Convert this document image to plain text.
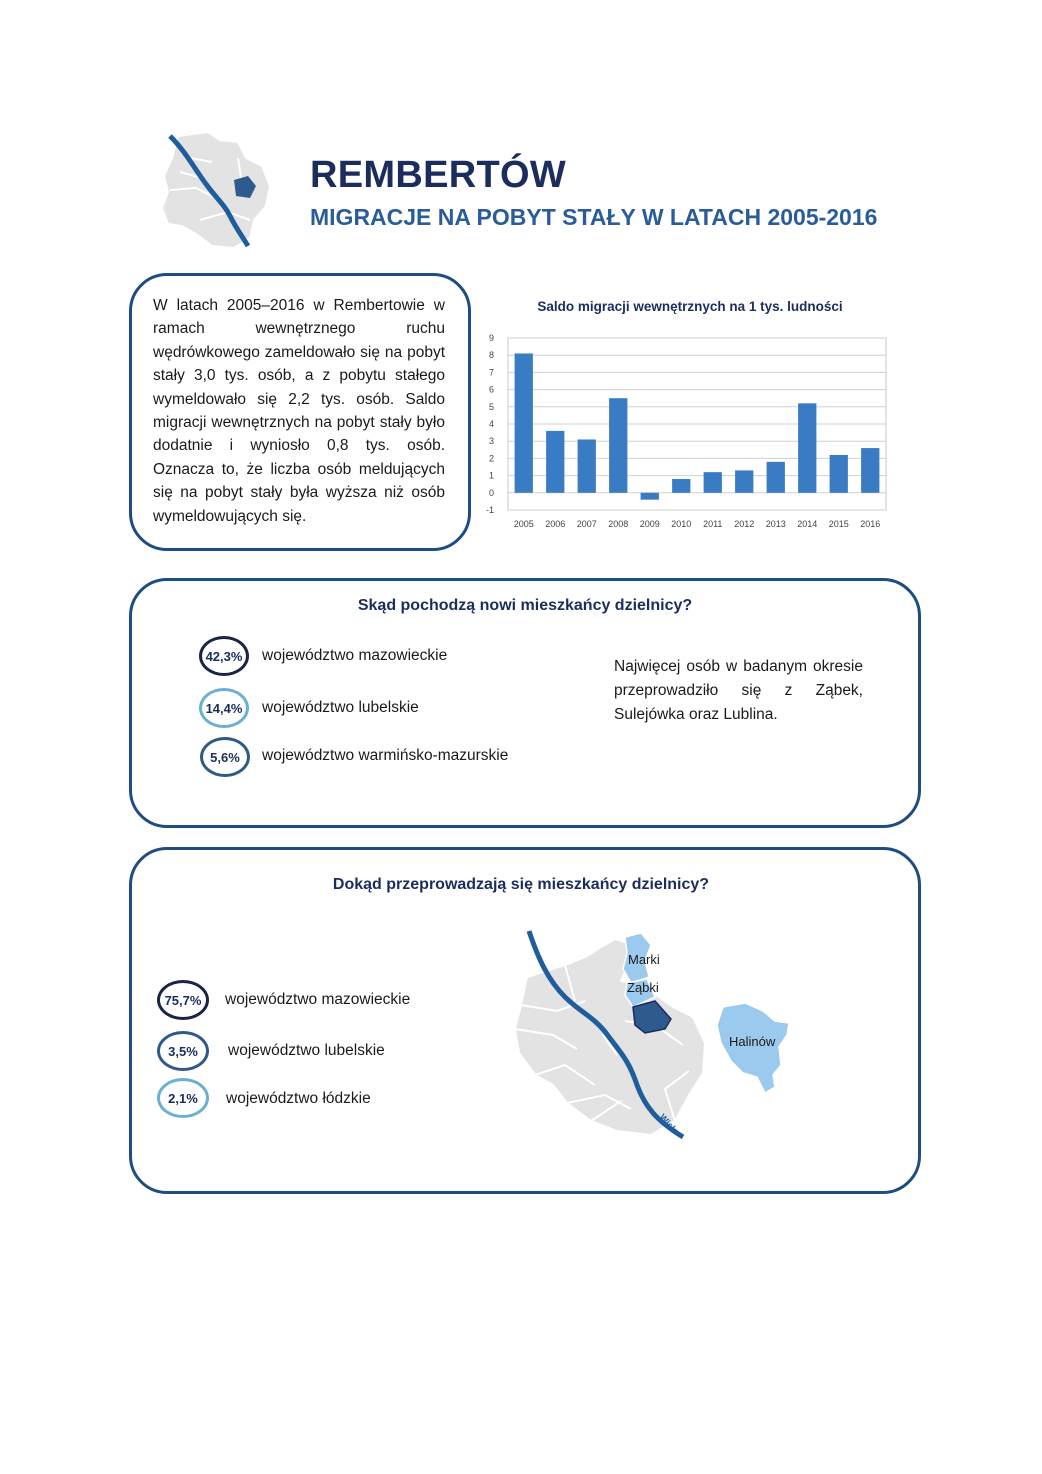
REMBERTÓW
MIGRACJE NA POBYT STAŁY W LATACH 2005-2016
W latach 2005–2016 w Rembertowie w ramach wewnętrznego ruchu wędrówkowego zameldowało się na pobyt stały 3,0 tys. osób, a z pobytu stałego wymeldowało się 2,2 tys. osób. Saldo migracji wewnętrznych na pobyt stały było dodatnie i wyniosło 0,8 tys. osób. Oznacza to, że liczba osób meldujących się na pobyt stały była wyższa niż osób wymeldowujących się.
Saldo migracji wewnętrznych na 1 tys. ludności
-1
0
1
2
3
4
5
6
7
8
9
2005 2006 2007 2008 2009 2010 2011 2012 2013 2014 2015 2016
Skąd pochodzą nowi mieszkańcy dzielnicy?
42,3%	województwo mazowieckie
14,4%	województwo lubelskie
5,6%	województwo warmińsko-mazurskie
Najwięcej osób w badanym okresie przeprowadziło się z Ząbek, Sulejówka oraz Lublina.
Dokąd przeprowadzają się mieszkańcy dzielnicy?
75,7%	województwo mazowieckie
3,5%	województwo lubelskie
2,1%	województwo łódzkie
Marki
Ząbki
Halinów
Wisła
